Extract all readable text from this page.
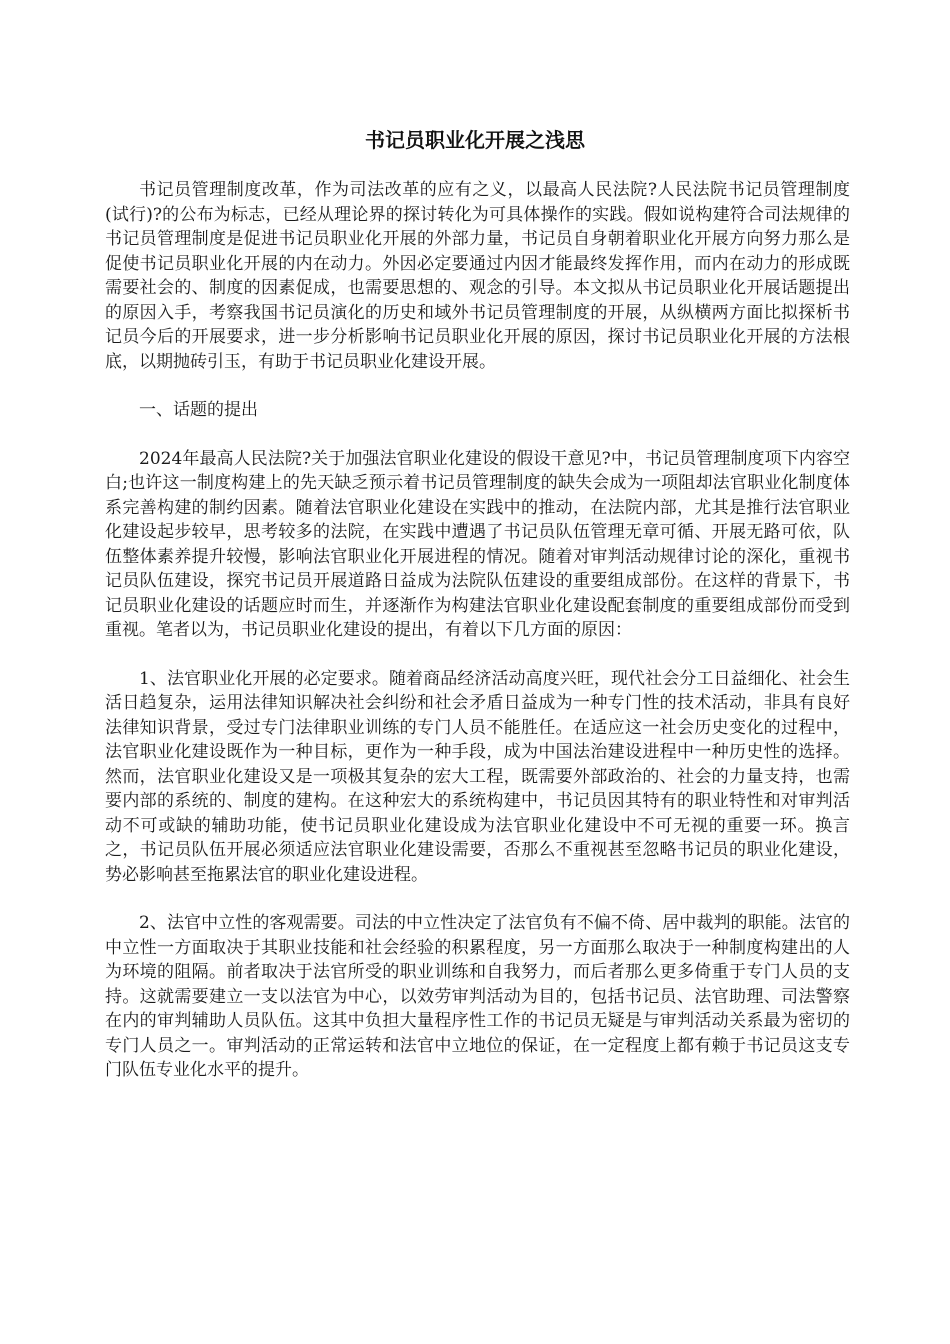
书记员职业化开展之浅思

书记员管理制度改革，作为司法改革的应有之义，以最高人民法院?人民法院书记员管理制度(试行)?的公布为标志，已经从理论界的探讨转化为可具体操作的实践。假如说构建符合司法规律的书记员管理制度是促进书记员职业化开展的外部力量，书记员自身朝着职业化开展方向努力那么是促使书记员职业化开展的内在动力。外因必定要通过内因才能最终发挥作用，而内在动力的形成既需要社会的、制度的因素促成，也需要思想的、观念的引导。本文拟从书记员职业化开展话题提出的原因入手，考察我国书记员演化的历史和域外书记员管理制度的开展，从纵横两方面比拟探析书记员今后的开展要求，进一步分析影响书记员职业化开展的原因，探讨书记员职业化开展的方法根底，以期抛砖引玉，有助于书记员职业化建设开展。

一、话题的提出

2024年最高人民法院?关于加强法官职业化建设的假设干意见?中，书记员管理制度项下内容空白;也许这一制度构建上的先天缺乏预示着书记员管理制度的缺失会成为一项阻却法官职业化制度体系完善构建的制约因素。随着法官职业化建设在实践中的推动，在法院内部，尤其是推行法官职业化建设起步较早，思考较多的法院，在实践中遭遇了书记员队伍管理无章可循、开展无路可依，队伍整体素养提升较慢，影响法官职业化开展进程的情况。随着对审判活动规律讨论的深化，重视书记员队伍建设，探究书记员开展道路日益成为法院队伍建设的重要组成部份。在这样的背景下，书记员职业化建设的话题应时而生，并逐渐作为构建法官职业化建设配套制度的重要组成部份而受到重视。笔者以为，书记员职业化建设的提出，有着以下几方面的原因：

1、法官职业化开展的必定要求。随着商品经济活动高度兴旺，现代社会分工日益细化、社会生活日趋复杂，运用法律知识解决社会纠纷和社会矛盾日益成为一种专门性的技术活动，非具有良好法律知识背景，受过专门法律职业训练的专门人员不能胜任。在适应这一社会历史变化的过程中，法官职业化建设既作为一种目标，更作为一种手段，成为中国法治建设进程中一种历史性的选择。然而，法官职业化建设又是一项极其复杂的宏大工程，既需要外部政治的、社会的力量支持，也需要内部的系统的、制度的建构。在这种宏大的系统构建中，书记员因其特有的职业特性和对审判活动不可或缺的辅助功能，使书记员职业化建设成为法官职业化建设中不可无视的重要一环。换言之，书记员队伍开展必须适应法官职业化建设需要，否那么不重视甚至忽略书记员的职业化建设，势必影响甚至拖累法官的职业化建设进程。

2、法官中立性的客观需要。司法的中立性决定了法官负有不偏不倚、居中裁判的职能。法官的中立性一方面取决于其职业技能和社会经验的积累程度，另一方面那么取决于一种制度构建出的人为环境的阻隔。前者取决于法官所受的职业训练和自我努力，而后者那么更多倚重于专门人员的支持。这就需要建立一支以法官为中心，以效劳审判活动为目的，包括书记员、法官助理、司法警察在内的审判辅助人员队伍。这其中负担大量程序性工作的书记员无疑是与审判活动关系最为密切的专门人员之一。审判活动的正常运转和法官中立地位的保证，在一定程度上都有赖于书记员这支专门队伍专业化水平的提升。
